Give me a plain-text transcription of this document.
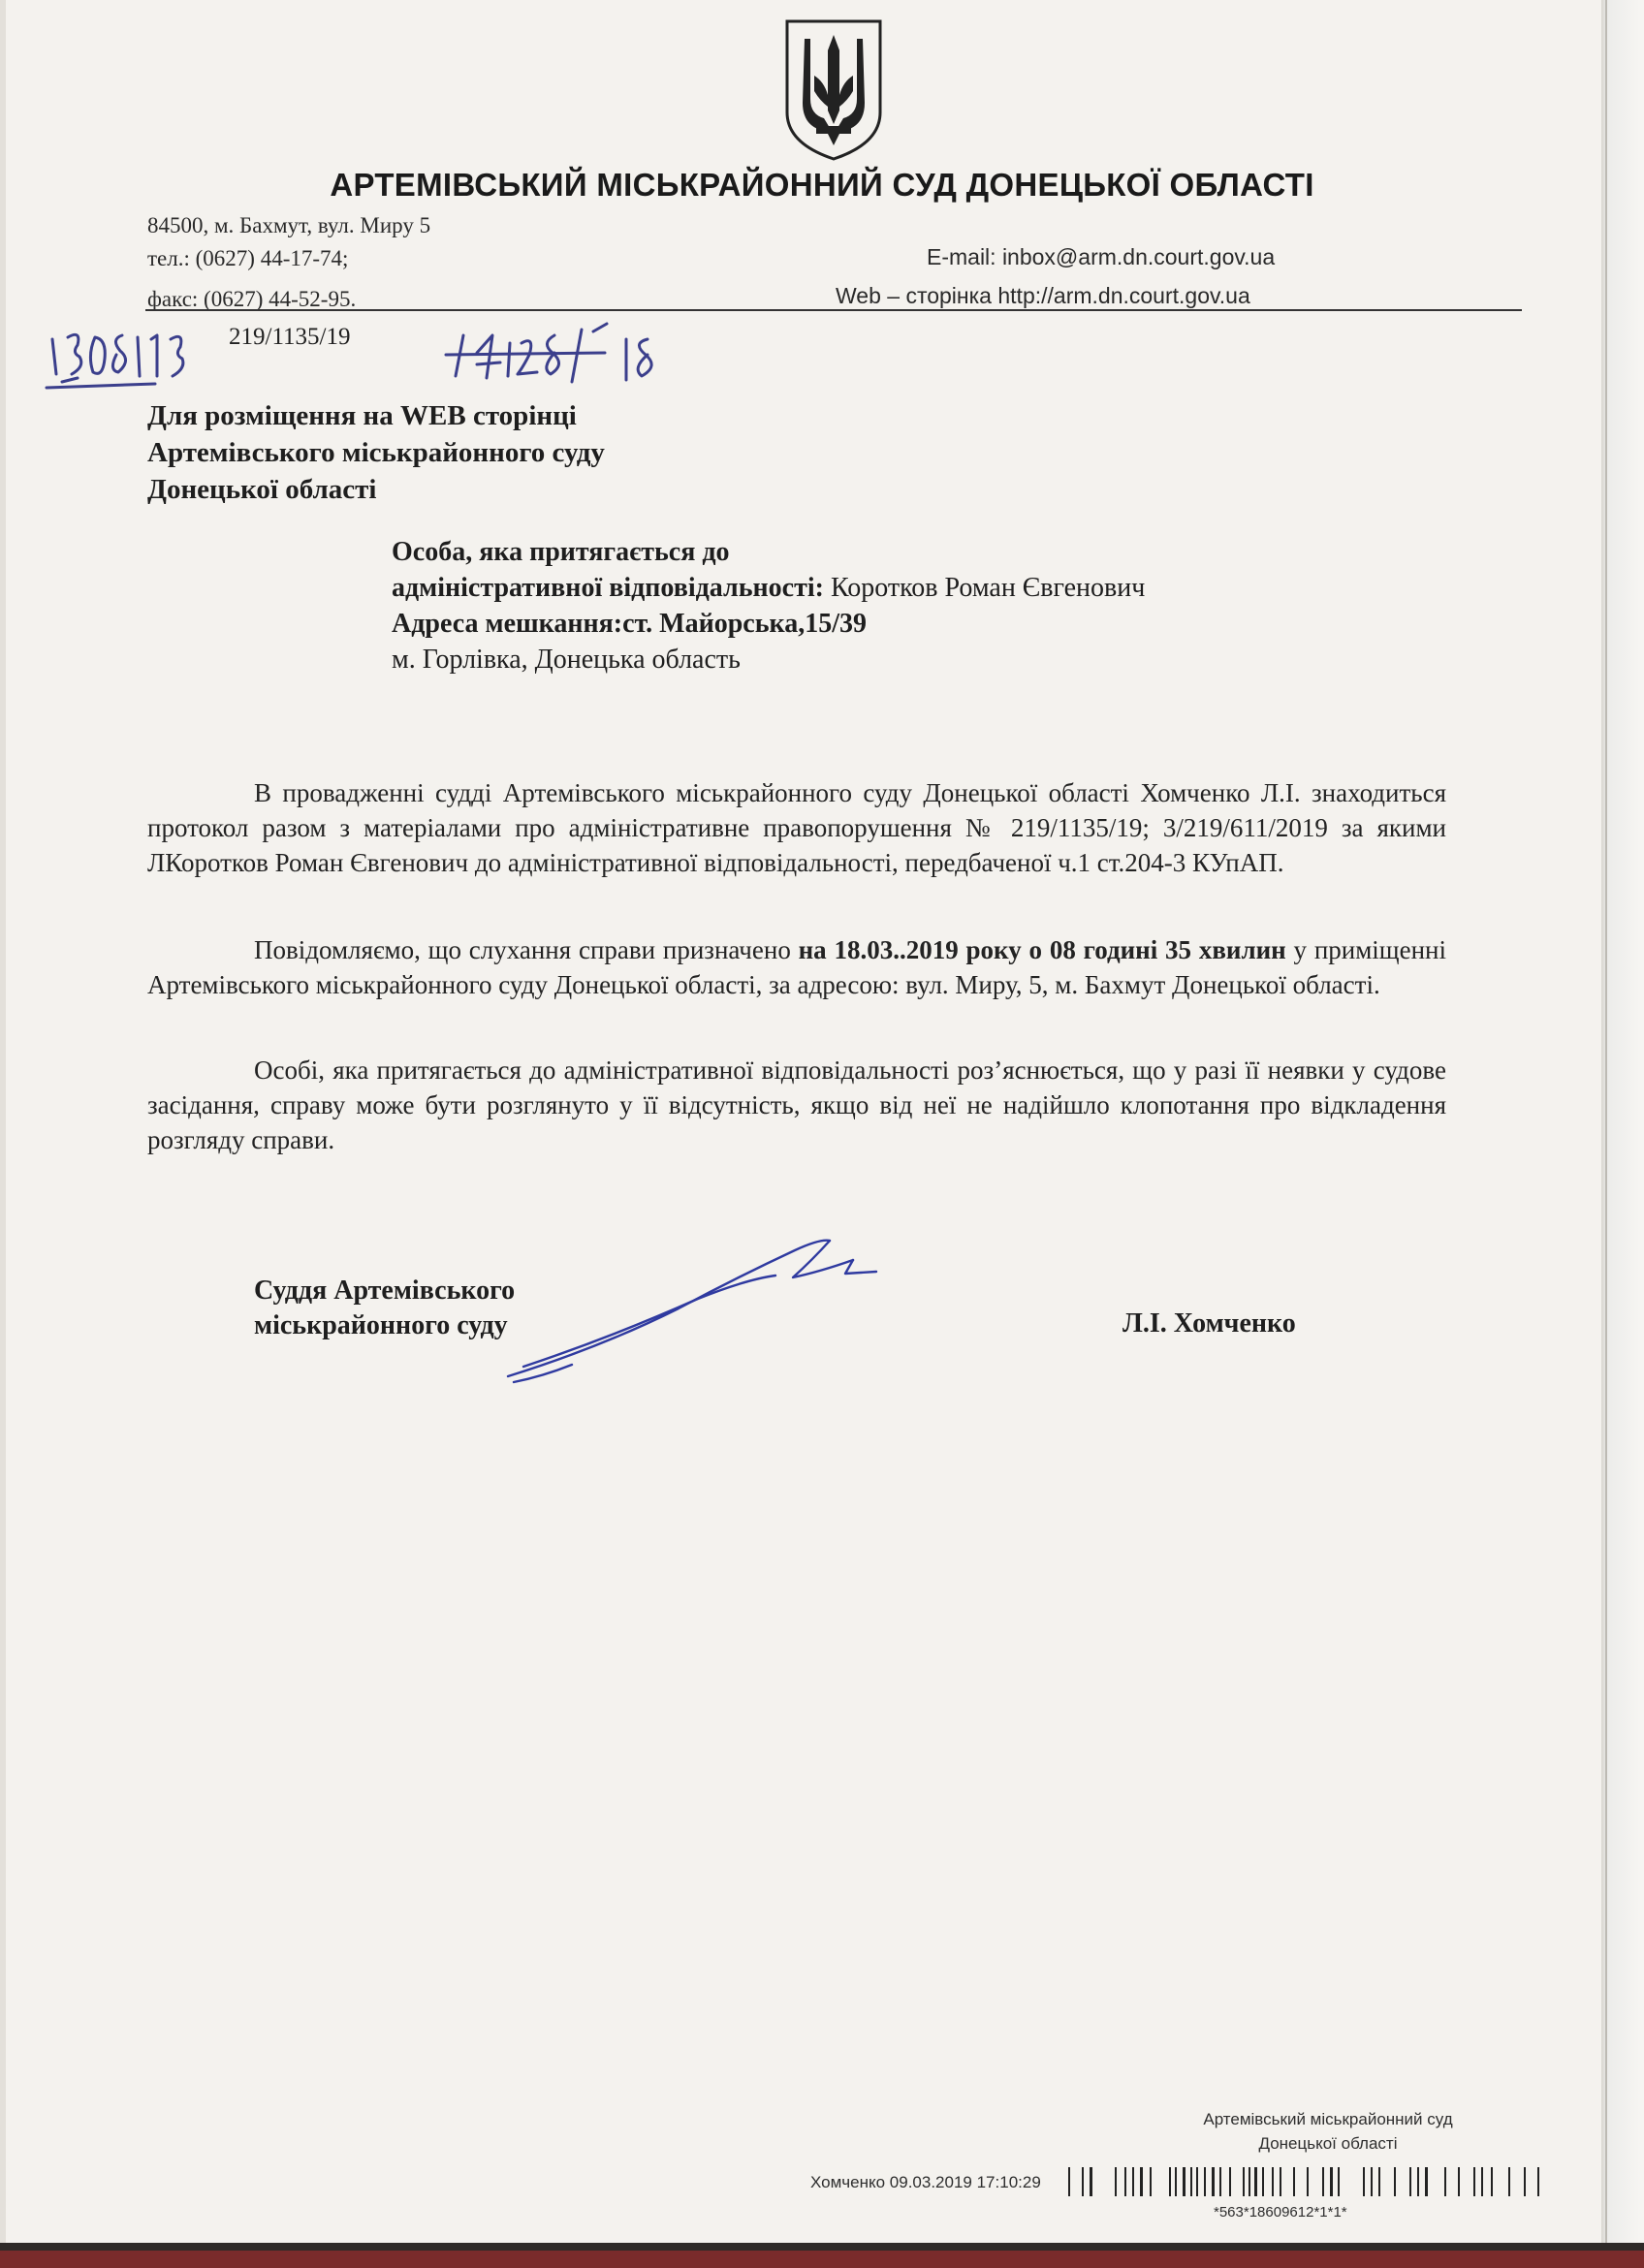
АРТЕМІВСЬКИЙ МІСЬКРАЙОННИЙ СУД ДОНЕЦЬКОЇ ОБЛАСТІ
84500, м. Бахмут, вул. Миру 5
тел.: (0627) 44-17-74;
факс: (0627) 44-52-95.
E-mail: inbox@arm.dn.court.gov.ua
Web – сторінка http://arm.dn.court.gov.ua
219/1135/19
Для розміщення на WEB сторінці
Артемівського міськрайонного суду
Донецької області
Особа, яка притягається до
адміністративної відповідальності: Коротков Роман Євгенович
Адреса мешкання:ст. Майорська,15/39
м. Горлівка, Донецька область
В провадженні судді Артемівського міськрайонного суду Донецької області Хомченко Л.І. знаходиться протокол разом з матеріалами про адміністративне правопорушення № 219/1135/19; 3/219/611/2019 за якими ЛКоротков Роман Євгенович до адміністративної відповідальності, передбаченої ч.1 ст.204-3 КУпАП.
Повідомляємо, що слухання справи призначено на 18.03..2019 року о 08 годині 35 хвилин у приміщенні Артемівського міськрайонного суду Донецької області, за адресою: вул. Миру, 5, м. Бахмут Донецької області.
Особі, яка притягається до адміністративної відповідальності роз’яснюється, що у разі її неявки у судове засідання, справу може бути розглянуто у її відсутність, якщо від неї не надійшло клопотання про відкладення розгляду справи.
Суддя Артемівського
міськрайонного суду	Л.І. Хомченко
Артемівський міськрайонний суд
Донецької області
Хомченко 09.03.2019 17:10:29
*563*18609612*1*1*
